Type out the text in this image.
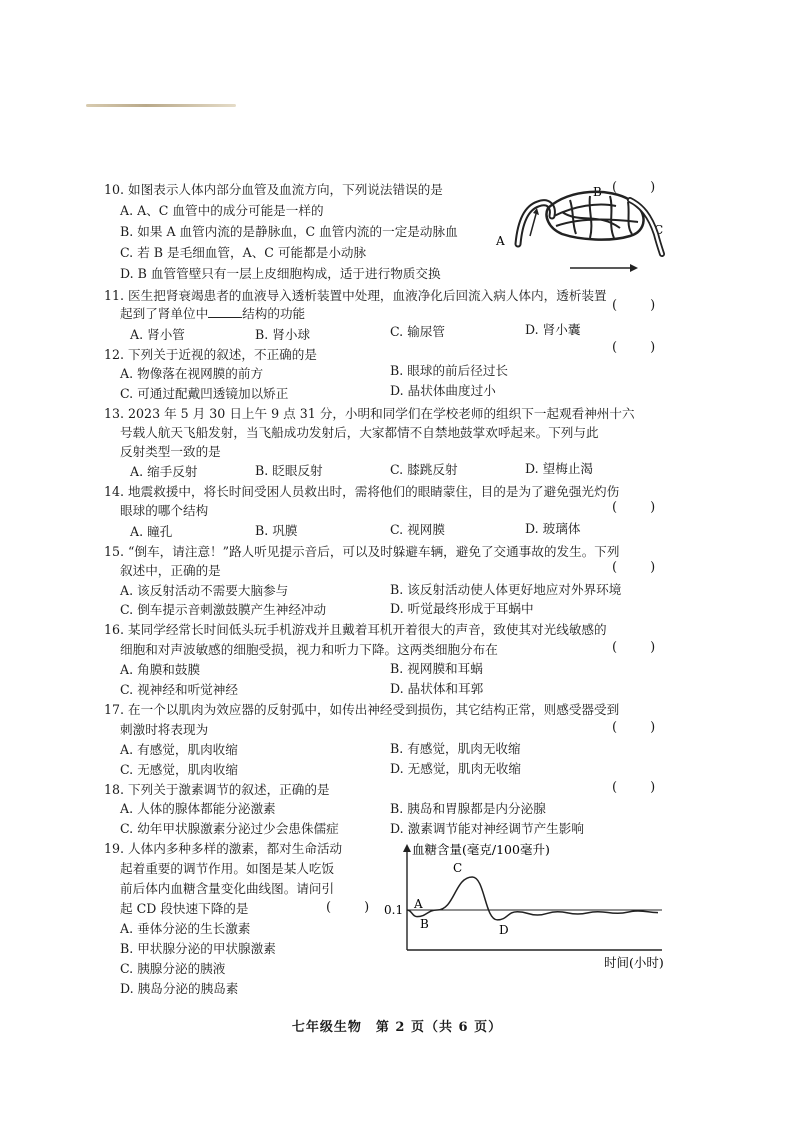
10. 如图表示人体内部分血管及血流方向，下列说法错误的是	(        )
A. A、C 血管中的成分可能是一样的
B. 如果 A 血管内流的是静脉血，C 血管内流的一定是动脉血
C. 若 B 是毛细血管，A、C 可能都是小动脉
D. B 血管管壁只有一层上皮细胞构成，适于进行物质交换
B
A
C
11. 医生把肾衰竭患者的血液导入透析装置中处理，血液净化后回流入病人体内，透析装置
(        )
起到了肾单位中	结构的功能
A. 肾小管	B. 肾小球	C. 输尿管	D. 肾小囊
12. 下列关于近视的叙述，不正确的是	(        )
A. 物像落在视网膜的前方	B. 眼球的前后径过长
C. 可通过配戴凹透镜加以矫正	D. 晶状体曲度过小
13. 2023 年 5 月 30 日上午 9 点 31 分，小明和同学们在学校老师的组织下一起观看神州十六
号载人航天飞船发射，当飞船成功发射后，大家都情不自禁地鼓掌欢呼起来。下列与此
反射类型一致的是
A. 缩手反射	B. 眨眼反射	C. 膝跳反射	D. 望梅止渴
14. 地震救援中，将长时间受困人员救出时，需将他们的眼睛蒙住，目的是为了避免强光灼伤
眼球的哪个结构	(        )
A. 瞳孔	B. 巩膜	C. 视网膜	D. 玻璃体
15. “倒车，请注意！”路人听见提示音后，可以及时躲避车辆，避免了交通事故的发生。下列
叙述中，正确的是	(        )
A. 该反射活动不需要大脑参与	B. 该反射活动使人体更好地应对外界环境
C. 倒车提示音刺激鼓膜产生神经冲动	D. 听觉最终形成于耳蜗中
16. 某同学经常长时间低头玩手机游戏并且戴着耳机开着很大的声音，致使其对光线敏感的
细胞和对声波敏感的细胞受损，视力和听力下降。这两类细胞分布在	(        )
A. 角膜和鼓膜	B. 视网膜和耳蜗
C. 视神经和听觉神经	D. 晶状体和耳郭
17. 在一个以肌肉为效应器的反射弧中，如传出神经受到损伤，其它结构正常，则感受器受到
刺激时将表现为	(        )
A. 有感觉，肌肉收缩	B. 有感觉，肌肉无收缩
C. 无感觉，肌肉收缩	D. 无感觉，肌肉无收缩
18. 下列关于激素调节的叙述，正确的是	(        )
A. 人体的腺体都能分泌激素	B. 胰岛和胃腺都是内分泌腺
C. 幼年甲状腺激素分泌过少会患侏儒症	D. 激素调节能对神经调节产生影响
19. 人体内多种多样的激素，都对生命活动
起着重要的调节作用。如图是某人吃饭
前后体内血糖含量变化曲线图。请问引
起 CD 段快速下降的是	(        )
A. 垂体分泌的生长激素
B. 甲状腺分泌的甲状腺激素
C. 胰腺分泌的胰液
D. 胰岛分泌的胰岛素
血糖含量(毫克/100毫升)
时间(小时)
0.1 A
B
C
D
七年级生物　第 2 页（共 6 页）
